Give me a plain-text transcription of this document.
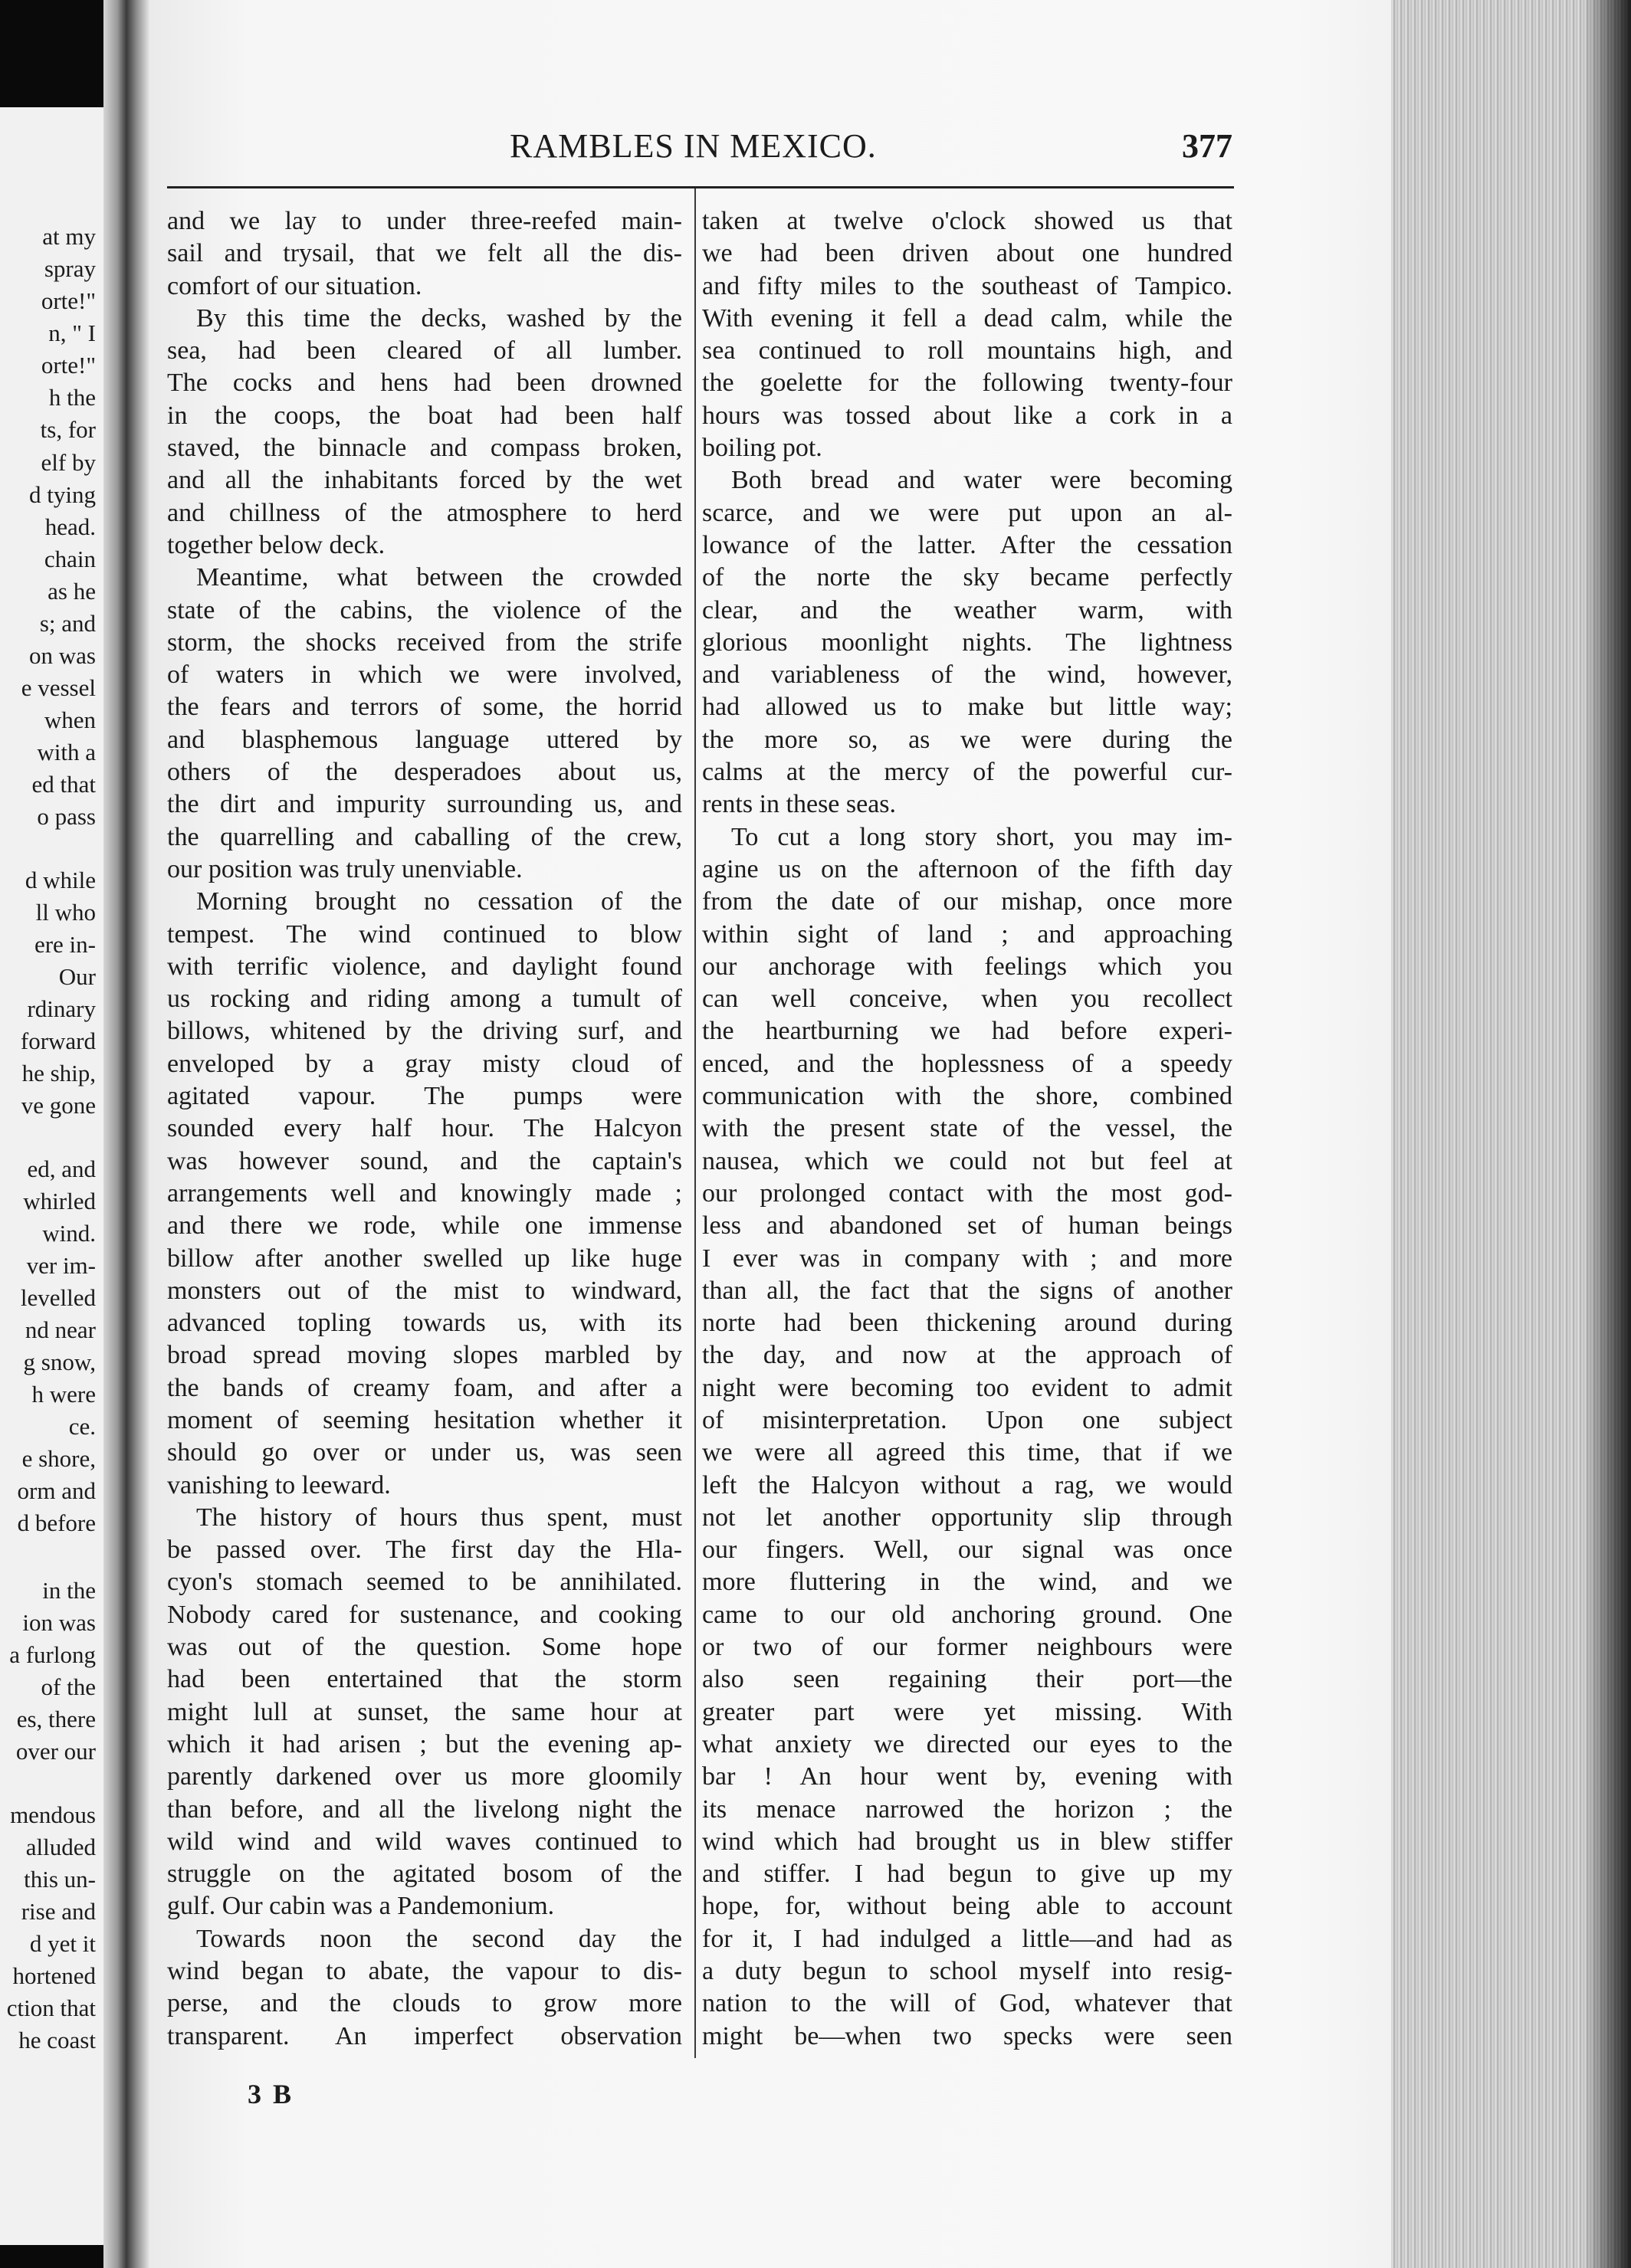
at my
spray
orte!"
n, " I
orte!"
h the
ts, for
elf by
d tying
head.
chain
as he
s; and
on was
e vessel
when
with a
ed that
o pass
d while
ll who
ere in-
Our
rdinary
forward
he ship,
ve gone
ed, and
whirled
wind.
ver im-
levelled
nd near
g snow,
h were
ce.
e shore,
orm and
d before
in the
ion was
a furlong
of the
es, there
over our
mendous
alluded
this un-
rise and
d yet it
hortened
ction that
he coast
RAMBLES IN MEXICO.	377
and we lay to under three-reefed main-
sail and trysail, that we felt all the dis-
comfort of our situation.
By this time the decks, washed by the
sea, had been cleared of all lumber.
The cocks and hens had been drowned
in the coops, the boat had been half
staved, the binnacle and compass broken,
and all the inhabitants forced by the wet
and chillness of the atmosphere to herd
together below deck.
Meantime, what between the crowded
state of the cabins, the violence of the
storm, the shocks received from the strife
of waters in which we were involved,
the fears and terrors of some, the horrid
and blasphemous language uttered by
others of the desperadoes about us,
the dirt and impurity surrounding us, and
the quarrelling and caballing of the crew,
our position was truly unenviable.
Morning brought no cessation of the
tempest. The wind continued to blow
with terrific violence, and daylight found
us rocking and riding among a tumult of
billows, whitened by the driving surf, and
enveloped by a gray misty cloud of
agitated vapour. The pumps were
sounded every half hour. The Halcyon
was however sound, and the captain's
arrangements well and knowingly made ;
and there we rode, while one immense
billow after another swelled up like huge
monsters out of the mist to windward,
advanced topling towards us, with its
broad spread moving slopes marbled by
the bands of creamy foam, and after a
moment of seeming hesitation whether it
should go over or under us, was seen
vanishing to leeward.
The history of hours thus spent, must
be passed over. The first day the Hla-
cyon's stomach seemed to be annihilated.
Nobody cared for sustenance, and cooking
was out of the question. Some hope
had been entertained that the storm
might lull at sunset, the same hour at
which it had arisen ; but the evening ap-
parently darkened over us more gloomily
than before, and all the livelong night the
wild wind and wild waves continued to
struggle on the agitated bosom of the
gulf. Our cabin was a Pandemonium.
Towards noon the second day the
wind began to abate, the vapour to dis-
perse, and the clouds to grow more
transparent. An imperfect observation
taken at twelve o'clock showed us that
we had been driven about one hundred
and fifty miles to the southeast of Tampico.
With evening it fell a dead calm, while the
sea continued to roll mountains high, and
the goelette for the following twenty-four
hours was tossed about like a cork in a
boiling pot.
Both bread and water were becoming
scarce, and we were put upon an al-
lowance of the latter. After the cessation
of the norte the sky became perfectly
clear, and the weather warm, with
glorious moonlight nights. The lightness
and variableness of the wind, however,
had allowed us to make but little way;
the more so, as we were during the
calms at the mercy of the powerful cur-
rents in these seas.
To cut a long story short, you may im-
agine us on the afternoon of the fifth day
from the date of our mishap, once more
within sight of land ; and approaching
our anchorage with feelings which you
can well conceive, when you recollect
the heartburning we had before experi-
enced, and the hoplessness of a speedy
communication with the shore, combined
with the present state of the vessel, the
nausea, which we could not but feel at
our prolonged contact with the most god-
less and abandoned set of human beings
I ever was in company with ; and more
than all, the fact that the signs of another
norte had been thickening around during
the day, and now at the approach of
night were becoming too evident to admit
of misinterpretation. Upon one subject
we were all agreed this time, that if we
left the Halcyon without a rag, we would
not let another opportunity slip through
our fingers. Well, our signal was once
more fluttering in the wind, and we
came to our old anchoring ground. One
or two of our former neighbours were
also seen regaining their port—the
greater part were yet missing. With
what anxiety we directed our eyes to the
bar ! An hour went by, evening with
its menace narrowed the horizon ; the
wind which had brought us in blew stiffer
and stiffer. I had begun to give up my
hope, for, without being able to account
for it, I had indulged a little—and had as
a duty begun to school myself into resig-
nation to the will of God, whatever that
might be—when two specks were seen
3 B
